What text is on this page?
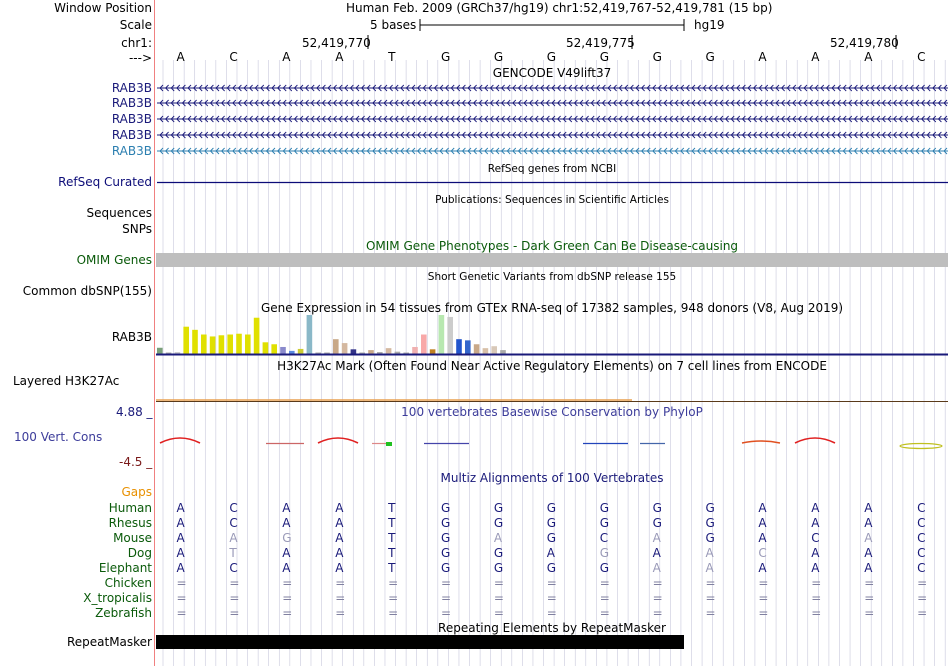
Window Position	Human Feb. 2009 (GRCh37/hg19) chr1:52,419,767-52,419,781 (15 bp)
Scale	5 bases	hg19
chr1:	52,419,770	52,419,775	52,419,780
---> A	C	A	A	T	G	G	G	G	G	G	A	A	A	C
GENCODE V49lift37
RAB3B
RAB3B
RAB3B
RAB3B
RAB3B
RefSeq genes from NCBI
RefSeq Curated
Publications: Sequences in Scientific Articles
Sequences
SNPs
OMIM Gene Phenotypes - Dark Green Can Be Disease-causing
OMIM Genes
Short Genetic Variants from dbSNP release 155
Common dbSNP(155)
Gene Expression in 54 tissues from GTEx RNA-seq of 17382 samples, 948 donors (V8, Aug 2019)
RAB3B
H3K27Ac Mark (Often Found Near Active Regulatory Elements) on 7 cell lines from ENCODE
Layered H3K27Ac
4.88 _	100 vertebrates Basewise Conservation by PhyloP
100 Vert. Cons
-4.5 _
Multiz Alignments of 100 Vertebrates
Gaps
Human A	C	A	A	T	G	G	G	G	G	G	A	A	A	C
Rhesus A	C	A	A	T	G	G	G	G	G	G	A	A	A	C
Mouse A	A	G	A	T	G	A	G	C	A	G	A	C	A	C
Dog A	T	A	A	T	G	G	A	G	A	A	C	A	A	C
Elephant A	C	A	A	T	G	G	G	G	A	A	A	A	A	C
Chicken =	=	=	=	=	=	=	=	=	=	=	=	=	=	=
X_tropicalis =	=	=	=	=	=	=	=	=	=	=	=	=	=	=
Zebrafish =	=	=	=	=	=	=	=	=	=	=	=	=	=	=
Repeating Elements by RepeatMasker
RepeatMasker
